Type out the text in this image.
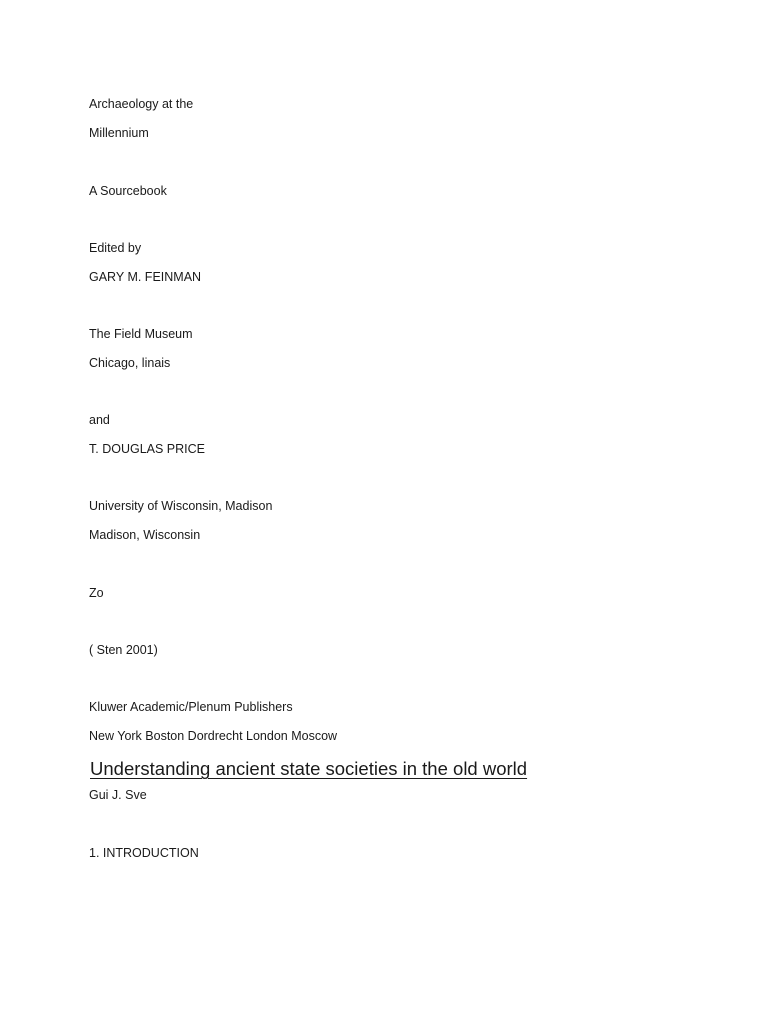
Archaeology at the
Millennium
A Sourcebook
Edited by
GARY M. FEINMAN
The Field Museum
Chicago, linais
and
T. DOUGLAS PRICE
University of Wisconsin, Madison
Madison, Wisconsin
Zo
( Sten 2001)
Kluwer Academic/Plenum Publishers
New York Boston Dordrecht London Moscow
Understanding ancient state societies in the old world
Gui J. Sve
1. INTRODUCTION
